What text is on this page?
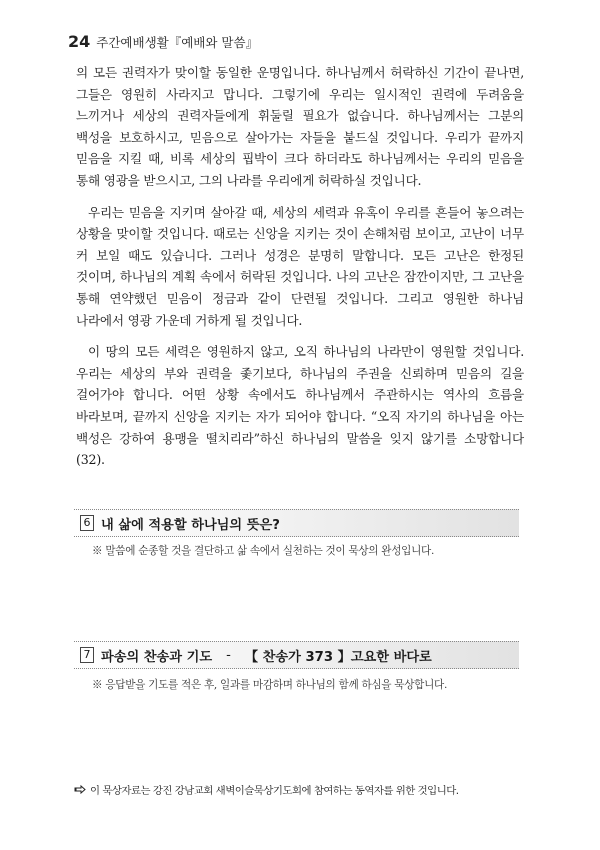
24 주간예배생활『예배와 말씀』

의 모든 권력자가 맞이할 동일한 운명입니다. 하나님께서 허락하신 기간이 끝나면, 그들은 영원히 사라지고 맙니다. 그렇기에 우리는 일시적인 권력에 두려움을 느끼거나 세상의 권력자들에게 휘둘릴 필요가 없습니다. 하나님께서는 그분의 백성을 보호하시고, 믿음으로 살아가는 자들을 붙드실 것입니다. 우리가 끝까지 믿음을 지킬 때, 비록 세상의 핍박이 크다 하더라도 하나님께서는 우리의 믿음을 통해 영광을 받으시고, 그의 나라를 우리에게 허락하실 것입니다.

우리는 믿음을 지키며 살아갈 때, 세상의 세력과 유혹이 우리를 흔들어 놓으려는 상황을 맞이할 것입니다. 때로는 신앙을 지키는 것이 손해처럼 보이고, 고난이 너무 커 보일 때도 있습니다. 그러나 성경은 분명히 말합니다. 모든 고난은 한정된 것이며, 하나님의 계획 속에서 허락된 것입니다. 나의 고난은 잠깐이지만, 그 고난을 통해 연약했던 믿음이 정금과 같이 단련될 것입니다. 그리고 영원한 하나님 나라에서 영광 가운데 거하게 될 것입니다.

이 땅의 모든 세력은 영원하지 않고, 오직 하나님의 나라만이 영원할 것입니다. 우리는 세상의 부와 권력을 좇기보다, 하나님의 주권을 신뢰하며 믿음의 길을 걸어가야 합니다. 어떤 상황 속에서도 하나님께서 주관하시는 역사의 흐름을 바라보며, 끝까지 신앙을 지키는 자가 되어야 합니다. “오직 자기의 하나님을 아는 백성은 강하여 용맹을 떨치리라”하신 하나님의 말씀을 잊지 않기를 소망합니다(32).

6 내 삶에 적용할 하나님의 뜻은?
※ 말씀에 순종할 것을 결단하고 삶 속에서 실천하는 것이 묵상의 완성입니다.
7 파송의 찬송과 기도 - 【 찬송가 373 】고요한 바다로
※ 응답받을 기도를 적은 후, 일과를 마감하며 하나님의 함께 하심을 묵상합니다.
이 묵상자료는 강진 강남교회 새벽이슬묵상기도회에 참여하는 동역자를 위한 것입니다.
